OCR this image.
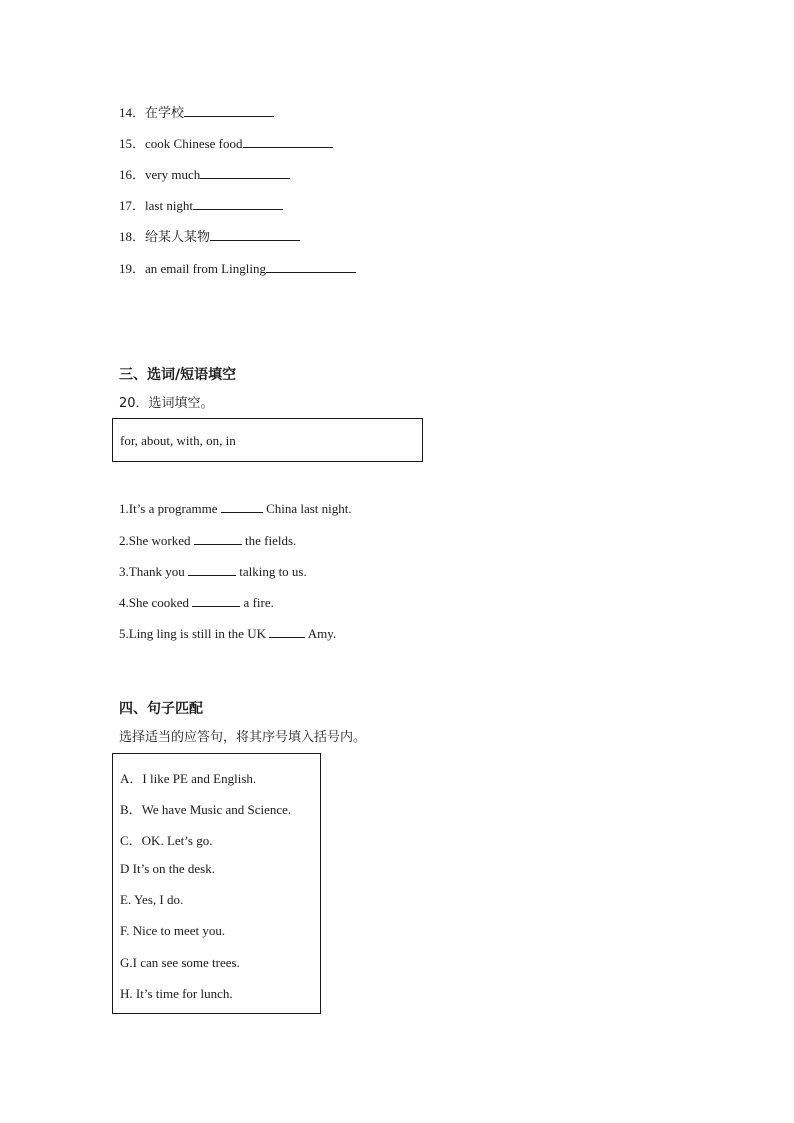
14．在学校
15．cook Chinese food
16．very much
17．last night
18．给某人某物
19．an email from Lingling
三、选词/短语填空
20．选词填空。
for, about, with, on, in
1.It’s a programme	China last night.
2.She worked	the fields.
3.Thank you	talking to us.
4.She cooked	a fire.
5.Ling ling is still in the UK	Amy.
四、句子匹配
选择适当的应答句，将其序号填入括号内。
A．I like PE and English.
B．We have Music and Science.
C．OK. Let’s go.
D It’s on the desk.
E. Yes, I do.
F. Nice to meet you.
G.I can see some trees.
H. It’s time for lunch.
